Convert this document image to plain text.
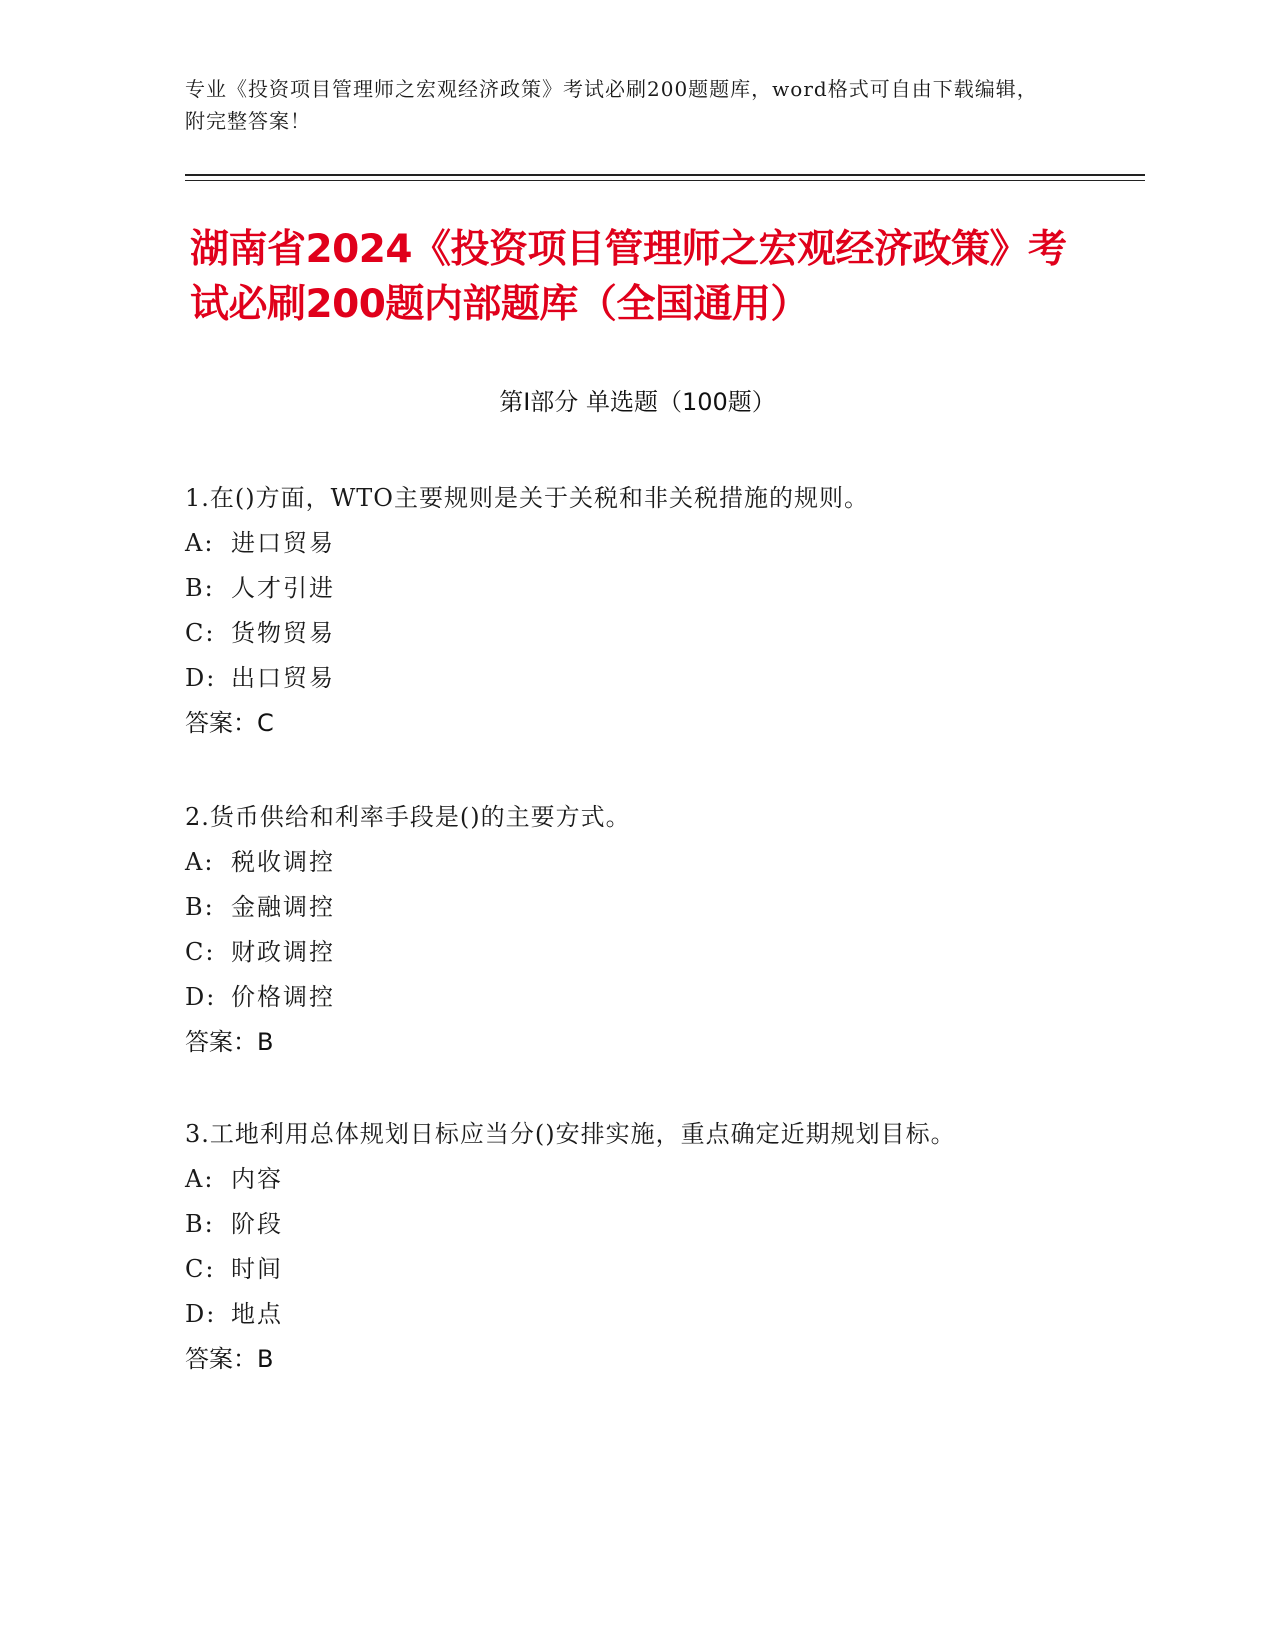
专业《投资项目管理师之宏观经济政策》考试必刷200题题库，word格式可自由下载编辑，附完整答案！
湖南省2024《投资项目管理师之宏观经济政策》考试必刷200题内部题库（全国通用）
第I部分 单选题（100题）

1.在()方面，WTO主要规则是关于关税和非关税措施的规则。

A: 进口贸易
B: 人才引进
C: 货物贸易
D: 出口贸易
答案：C

2.货币供给和利率手段是()的主要方式。

A: 税收调控
B: 金融调控
C: 财政调控
D: 价格调控
答案：B

3.工地利用总体规划日标应当分()安排实施，重点确定近期规划目标。

A: 内容
B: 阶段
C: 时间
D: 地点
答案：B
